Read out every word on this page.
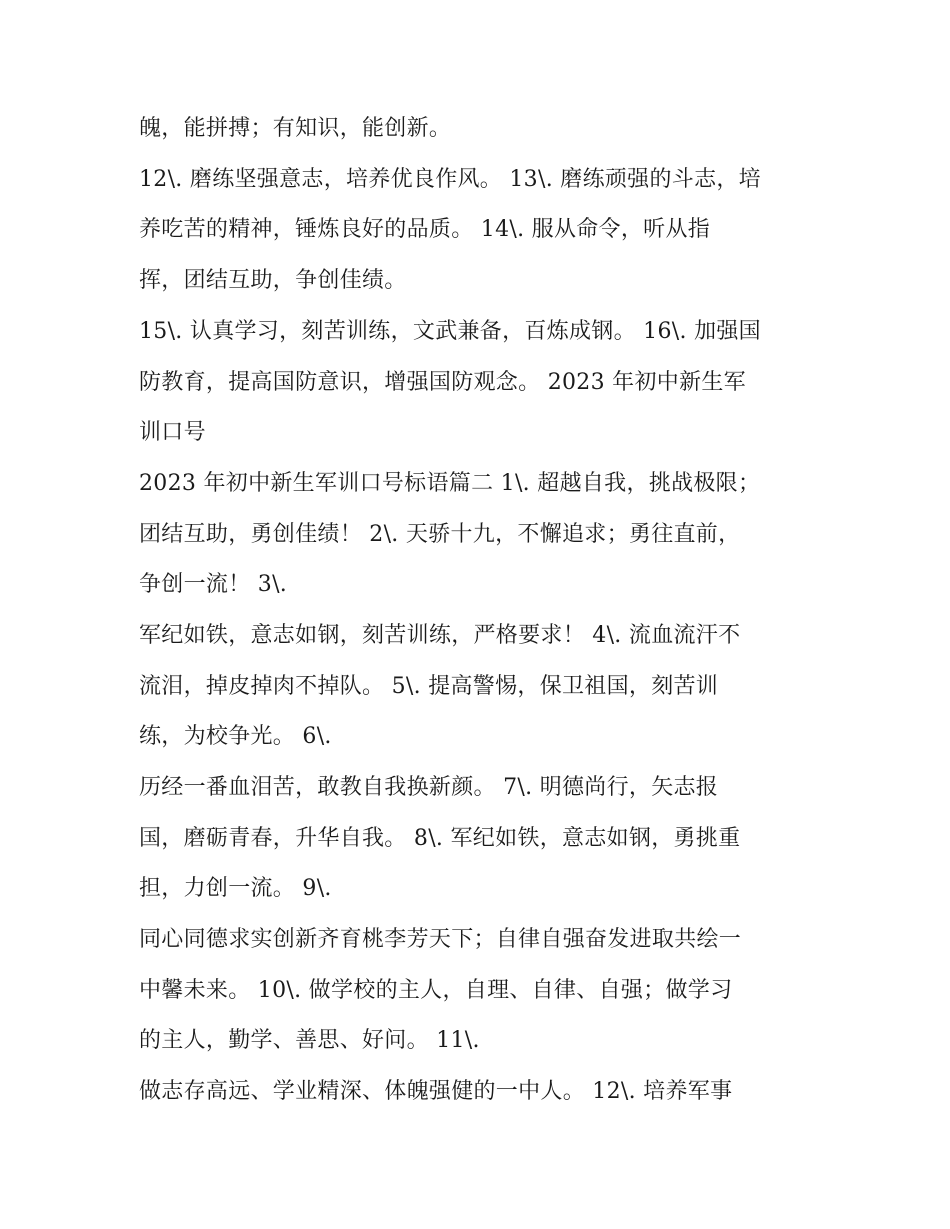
魄，能拼搏；有知识，能创新。
12\. 磨练坚强意志，培养优良作风。 13\. 磨练顽强的斗志，培
养吃苦的精神，锤炼良好的品质。 14\. 服从命令，听从指
挥，团结互助，争创佳绩。
15\. 认真学习，刻苦训练，文武兼备，百炼成钢。 16\. 加强国
防教育，提高国防意识，增强国防观念。 2023 年初中新生军
训口号
2023 年初中新生军训口号标语篇二 1\. 超越自我，挑战极限；
团结互助，勇创佳绩！ 2\. 天骄十九，不懈追求；勇往直前，
争创一流！ 3\.
军纪如铁，意志如钢，刻苦训练，严格要求！ 4\. 流血流汗不
流泪，掉皮掉肉不掉队。 5\. 提高警惕，保卫祖国，刻苦训
练，为校争光。 6\.
历经一番血泪苦，敢教自我换新颜。 7\. 明德尚行，矢志报
国，磨砺青春，升华自我。 8\. 军纪如铁，意志如钢，勇挑重
担，力创一流。 9\.
同心同德求实创新齐育桃李芳天下；自律自强奋发进取共绘一
中馨未来。 10\. 做学校的主人，自理、自律、自强；做学习
的主人，勤学、善思、好问。 11\.
做志存高远、学业精深、体魄强健的一中人。 12\. 培养军事
